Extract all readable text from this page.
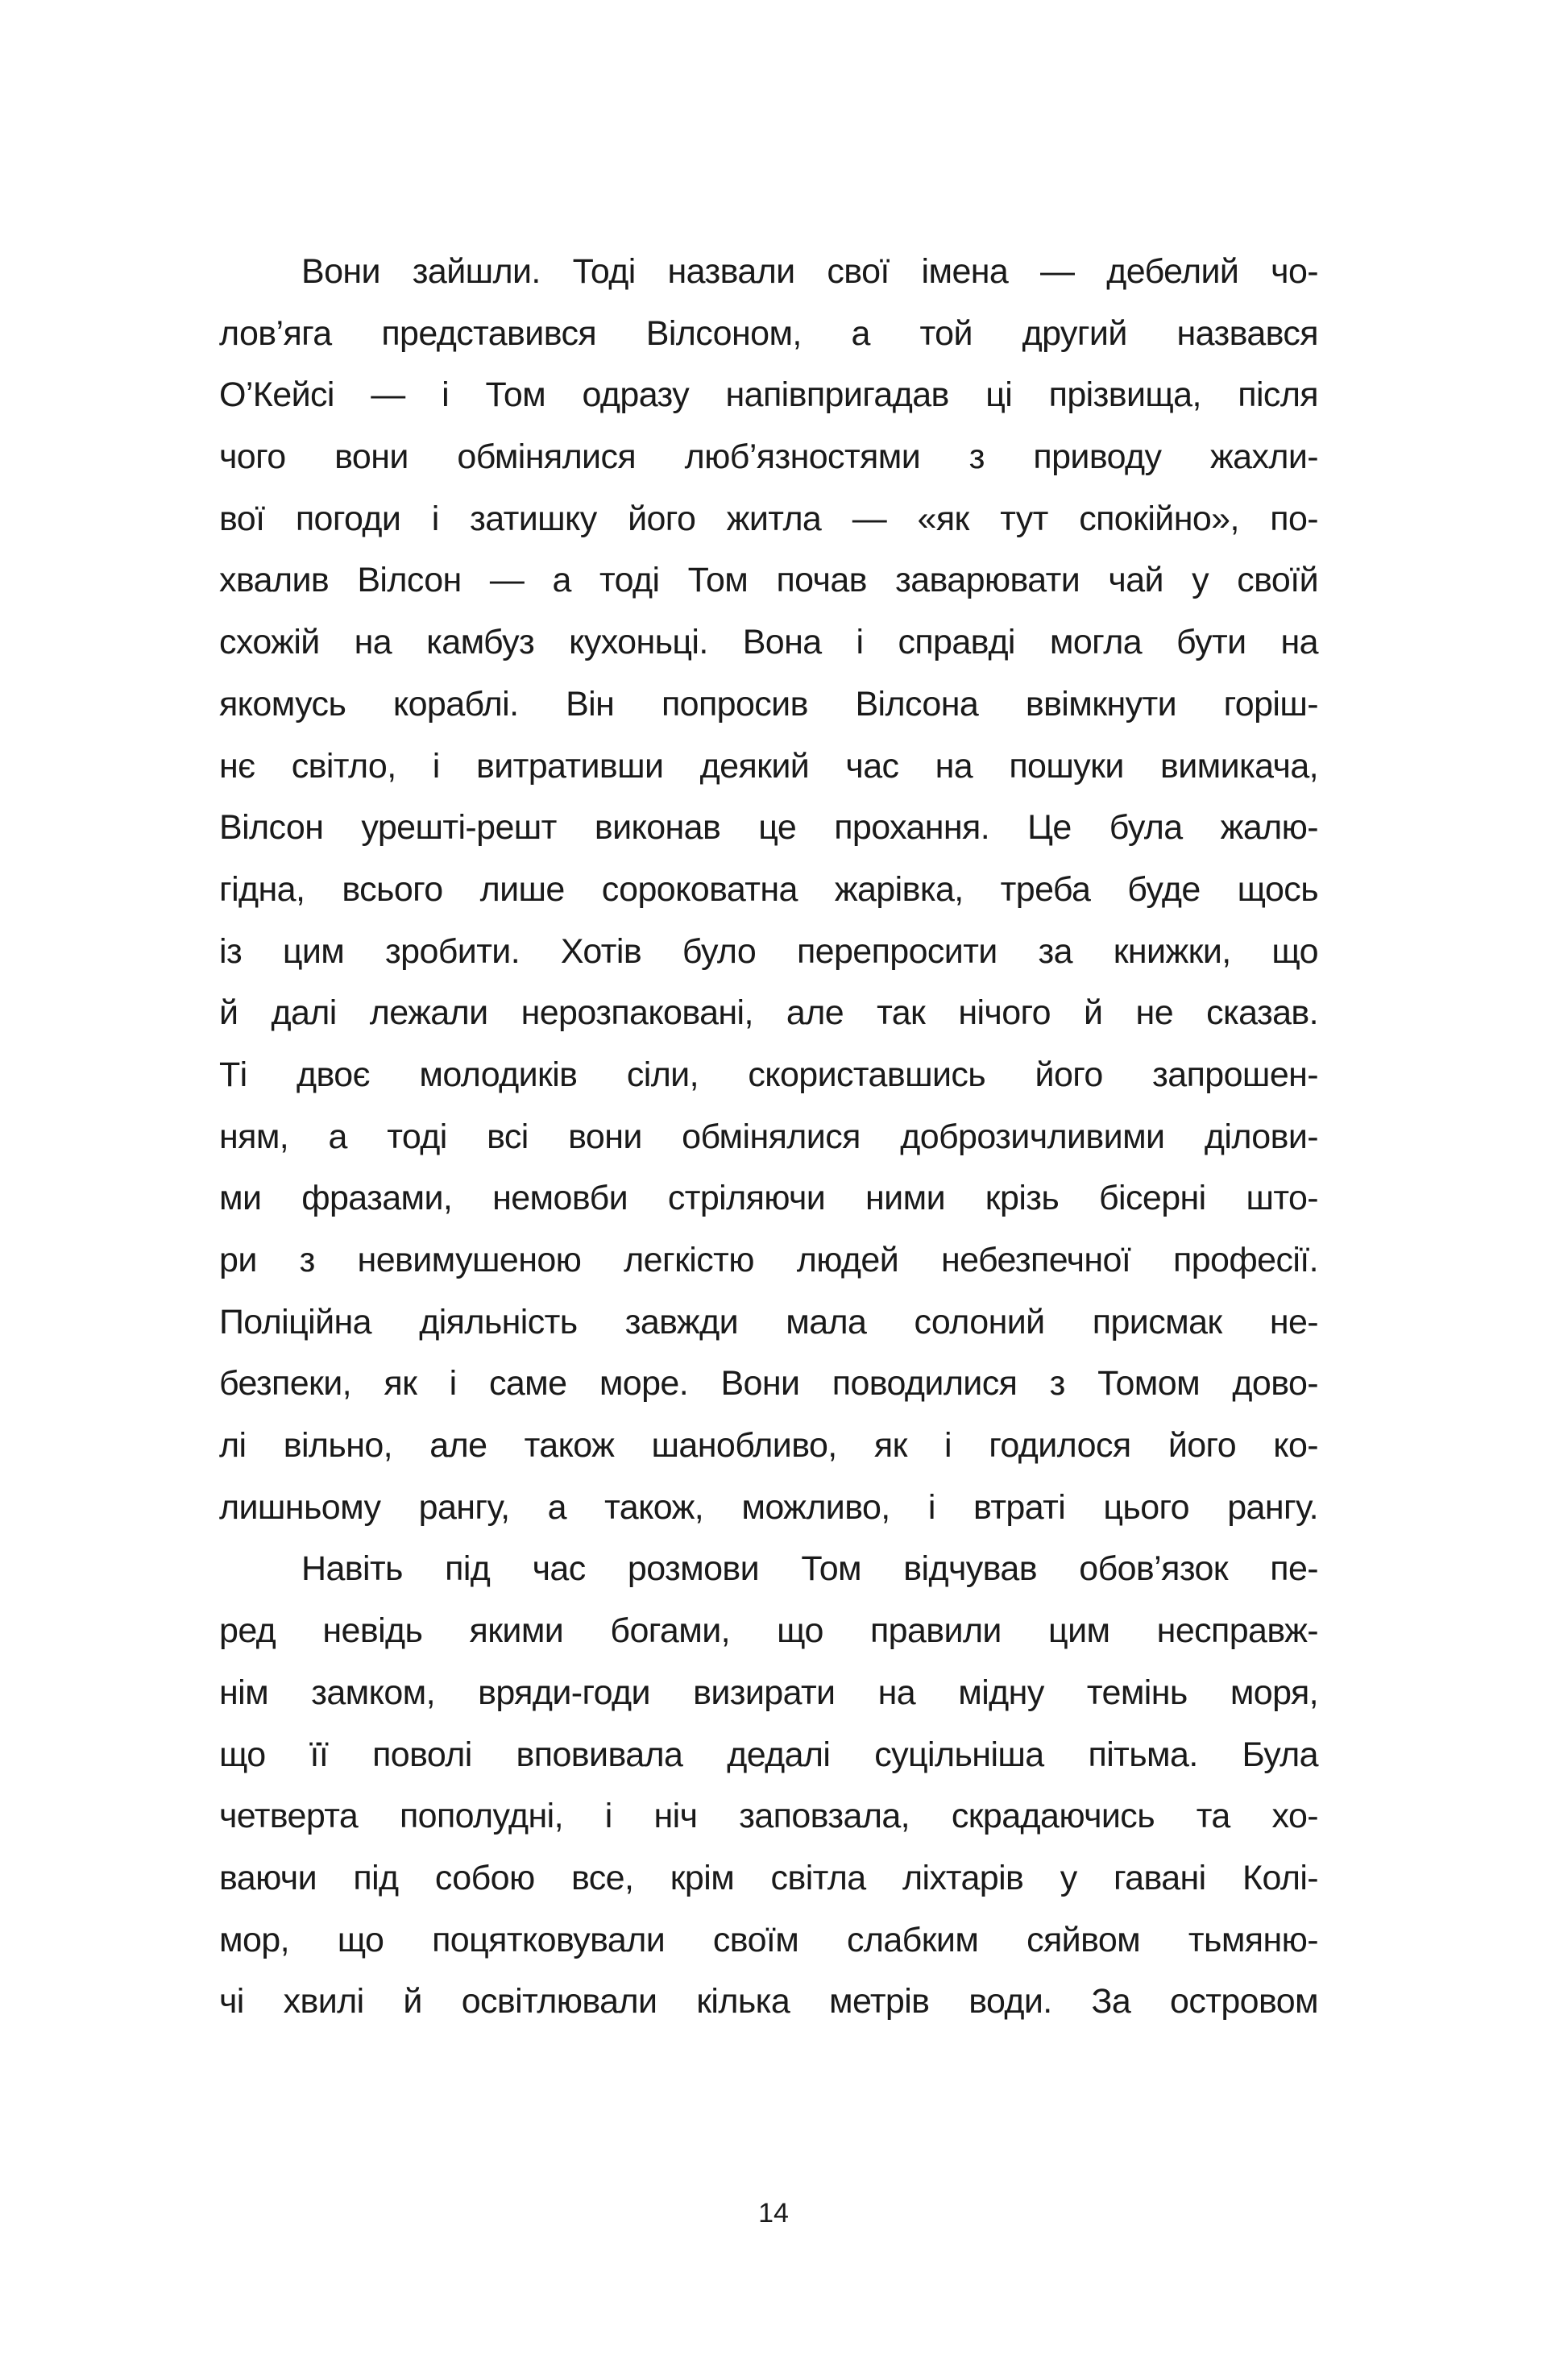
Вони зайшли. Тоді назвали свої імена — дебелий чо-
лов’яга представився Вілсоном, а той другий назвався
О’Кейсі — і Том одразу напівпригадав ці прізвища, після
чого вони обмінялися люб’язностями з приводу жахли-
вої погоди і затишку його житла — «як тут спокійно», по-
хвалив Вілсон — а тоді Том почав заварювати чай у своїй
схожій на камбуз кухоньці. Вона і справді могла бути на
якомусь кораблі. Він попросив Вілсона ввімкнути горіш-
нє світло, і витративши деякий час на пошуки вимикача,
Вілсон урешті-решт виконав це прохання. Це була жалю-
гідна, всього лише сороковатна жарівка, треба буде щось
із цим зробити. Хотів було перепросити за книжки, що
й далі лежали нерозпаковані, але так нічого й не сказав.
Ті двоє молодиків сіли, скориставшись його запрошен-
ням, а тоді всі вони обмінялися доброзичливими ділови-
ми фразами, немовби стріляючи ними крізь бісерні што-
ри з невимушеною легкістю людей небезпечної професії.
Поліційна діяльність завжди мала солоний присмак не-
безпеки, як і саме море. Вони поводилися з Томом дово-
лі вільно, але також шанобливо, як і годилося його ко-
лишньому рангу, а також, можливо, і втраті цього рангу.
Навіть під час розмови Том відчував обов’язок пе-
ред невідь якими богами, що правили цим несправж-
нім замком, вряди-годи визирати на мідну темінь моря,
що її поволі вповивала дедалі суцільніша пітьма. Була
четверта пополудні, і ніч заповзала, скрадаючись та хо-
ваючи під собою все, крім світла ліхтарів у гавані Колі-
мор, що поцятковували своїм слабким сяйвом тьмяню-
чі хвилі й освітлювали кілька метрів води. За островом
14
